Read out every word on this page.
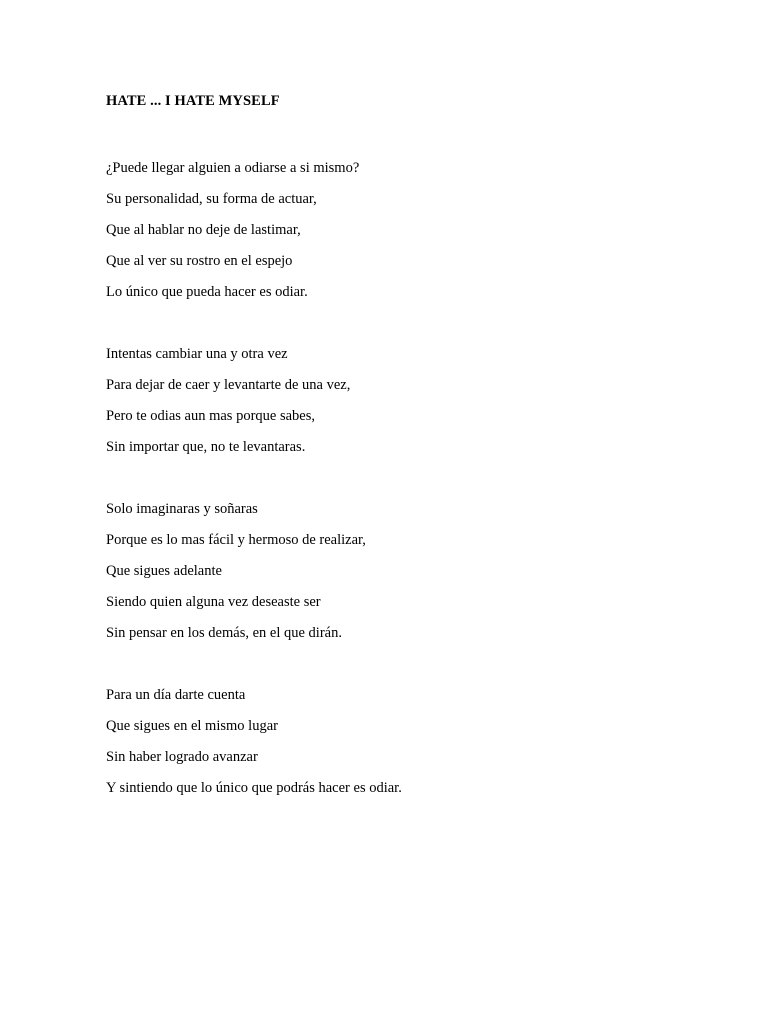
HATE ... I HATE MYSELF

¿Puede llegar alguien a odiarse a si mismo?
Su personalidad, su forma de actuar,
Que al hablar no deje de lastimar,
Que al ver su rostro en el espejo
Lo único que pueda hacer es odiar.
Intentas cambiar una y otra vez
Para dejar de caer y levantarte de una vez,
Pero te odias aun mas porque sabes,
Sin importar que, no te levantaras.
Solo imaginaras y soñaras
Porque es lo mas fácil y hermoso de realizar,
Que sigues adelante
Siendo quien alguna vez deseaste ser
Sin pensar en los demás, en el que dirán.
Para un día darte cuenta
Que sigues en el mismo lugar
Sin haber logrado avanzar
Y sintiendo que lo único que podrás hacer es odiar.
